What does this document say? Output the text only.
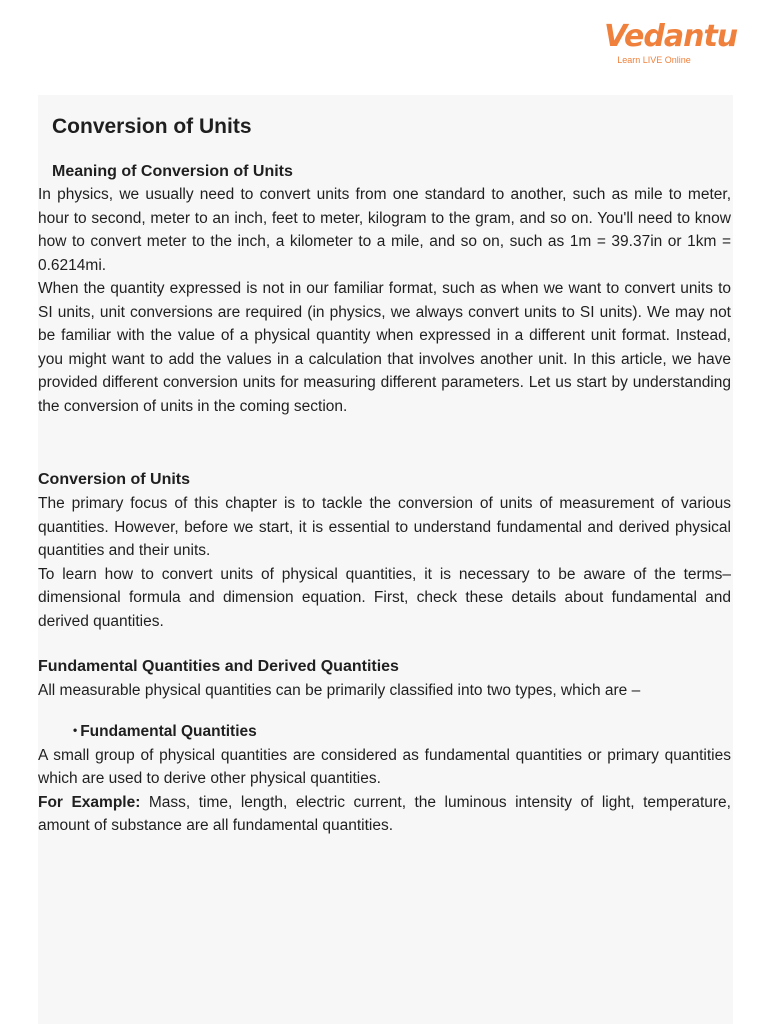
Vedantu
Learn LIVE Online
Conversion of Units
Meaning of Conversion of Units

In physics, we usually need to convert units from one standard to another, such as mile to meter, hour to second, meter to an inch, feet to meter, kilogram to the gram, and so on. You'll need to know how to convert meter to the inch, a kilometer to a mile, and so on, such as 1m = 39.37in or 1km = 0.6214mi.

When the quantity expressed is not in our familiar format, such as when we want to convert units to SI units, unit conversions are required (in physics, we always convert units to SI units). We may not be familiar with the value of a physical quantity when expressed in a different unit format. Instead, you might want to add the values in a calculation that involves another unit. In this article, we have provided different conversion units for measuring different parameters. Let us start by understanding the conversion of units in the coming section.

Conversion of Units

The primary focus of this chapter is to tackle the conversion of units of measurement of various quantities. However, before we start, it is essential to understand fundamental and derived physical quantities and their units.

To learn how to convert units of physical quantities, it is necessary to be aware of the terms– dimensional formula and dimension equation. First, check these details about fundamental and derived quantities.

Fundamental Quantities and Derived Quantities

All measurable physical quantities can be primarily classified into two types, which are –

• Fundamental Quantities

A small group of physical quantities are considered as fundamental quantities or primary quantities which are used to derive other physical quantities.

For Example: Mass, time, length, electric current, the luminous intensity of light, temperature, amount of substance are all fundamental quantities.
